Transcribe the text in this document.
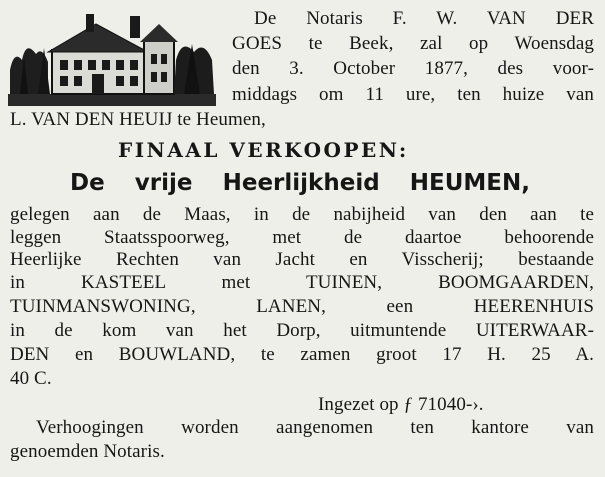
De Notaris F. W. VAN DER
GOES te Beek, zal op Woensdag
den 3. October 1877, des voor-
middags om 11 ure, ten huize van
L. VAN DEN HEUIJ te Heumen,
FINAAL VERKOOPEN:
De vrije Heerlijkheid HEUMEN,
gelegen aan de Maas, in de nabijheid van den aan te
leggen Staatsspoorweg, met de daartoe behoorende
Heerlijke Rechten van Jacht en Visscherij; bestaande
in KASTEEL met TUINEN, BOOMGAARDEN,
TUINMANSWONING, LANEN, een HEERENHUIS
in de kom van het Dorp, uitmuntende UITERWAAR-
DEN en BOUWLAND, te zamen groot 17 H. 25 A.
40 C.
Ingezet op ƒ 71040-›.
Verhoogingen worden aangenomen ten kantore van
genoemden Notaris.
